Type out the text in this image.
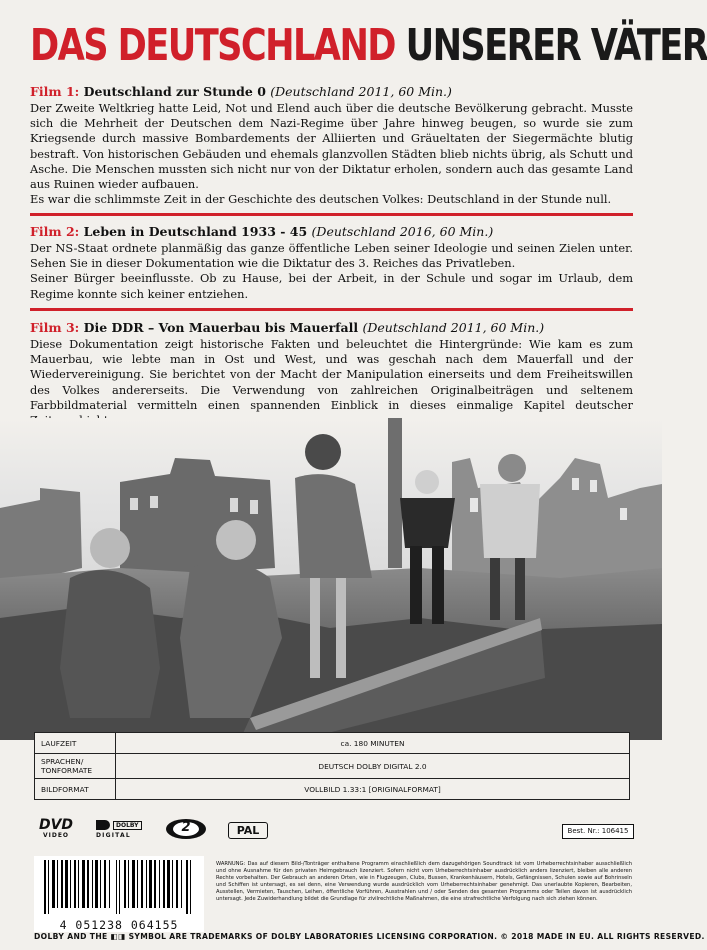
DAS DEUTSCHLAND UNSERER VÄTER
Film 1: Deutschland zur Stunde 0 (Deutschland 2011, 60 Min.)

Der Zweite Weltkrieg hatte Leid, Not und Elend auch über die deutsche Bevölkerung gebracht. Musste sich die Mehrheit der Deutschen dem Nazi-Regime über Jahre hinweg beugen, so wurde sie zum Kriegsende durch massive Bombardements der Alliierten und Gräueltaten der Siegermächte blutig bestraft. Von historischen Gebäuden und ehemals glanzvollen Städten blieb nichts übrig, als Schutt und Asche. Die Menschen mussten sich nicht nur von der Diktatur erholen, sondern auch das gesamte Land aus Ruinen wieder aufbauen.

Es war die schlimmste Zeit in der Geschichte des deutschen Volkes: Deutschland in der Stunde null.

Film 2: Leben in Deutschland 1933 - 45 (Deutschland 2016, 60 Min.)

Der NS-Staat ordnete planmäßig das ganze öffentliche Leben seiner Ideologie und seinen Zielen unter. Sehen Sie in dieser Dokumentation wie die Diktatur des 3. Reiches das Privatleben.

Seiner Bürger beeinflusste. Ob zu Hause, bei der Arbeit, in der Schule und sogar im Urlaub, dem Regime konnte sich keiner entziehen.

Film 3: Die DDR – Von Mauerbau bis Mauerfall (Deutschland 2011, 60 Min.)

Diese Dokumentation zeigt historische Fakten und beleuchtet die Hintergründe: Wie kam es zum Mauerbau, wie lebte man in Ost und West, und was geschah nach dem Mauerfall und der Wiedervereinigung. Sie berichtet von der Macht der Manipulation einerseits und dem Freiheitswillen des Volkes andererseits. Die Verwendung von zahlreichen Originalbeiträgen und seltenem Farbbildmaterial vermitteln einen spannenden Einblick in dieses einmalige Kapitel deutscher

LAUFZEIT	ca. 180 MINUTEN
SPRACHEN/
TONFORMATE	DEUTSCH DOLBY DIGITAL 2.0
BILDFORMAT	VOLLBILD 1.33:1 [ORIGINALFORMAT]
DVD
VIDEO
DOLBY
DIGITAL
2	PAL	Best. Nr.: 106415
4 051238 064155
WARNUNG: Das auf diesem Bild-/Tonträger enthaltene Programm einschließlich dem dazugehörigen Soundtrack ist vom Urheberrechtsinhaber ausschließlich und ohne Ausnahme für den privaten Heimgebrauch lizenziert. Sofern nicht vom Urheberrechtsinhaber ausdrücklich anders lizenziert, bleiben alle anderen Rechte vorbehalten. Der Gebrauch an anderen Orten, wie in Flugzeugen, Clubs, Bussen, Krankenhäusern, Hotels, Gefängnissen, Schulen sowie auf Bohrinseln und Schiffen ist untersagt, es sei denn, eine Verwendung wurde ausdrücklich vom Urheberrechtsinhaber genehmigt. Das unerlaubte Kopieren, Bearbeiten, Ausstellen, Vermieten, Tauschen, Leihen, öffentliche Vorführen, Ausstrahlen und / oder Senden des gesamten Programms oder Teilen davon ist ausdrücklich untersagt. Jede Zuwiderhandlung bildet die Grundlage für zivilrechtliche Maßnahmen, die eine strafrechtliche Verfolgung nach sich ziehen können.
DOLBY AND THE ◧◨ SYMBOL ARE TRADEMARKS OF DOLBY LABORATORIES LICENSING CORPORATION. © 2018 MADE IN EU. ALL RIGHTS RESERVED.
